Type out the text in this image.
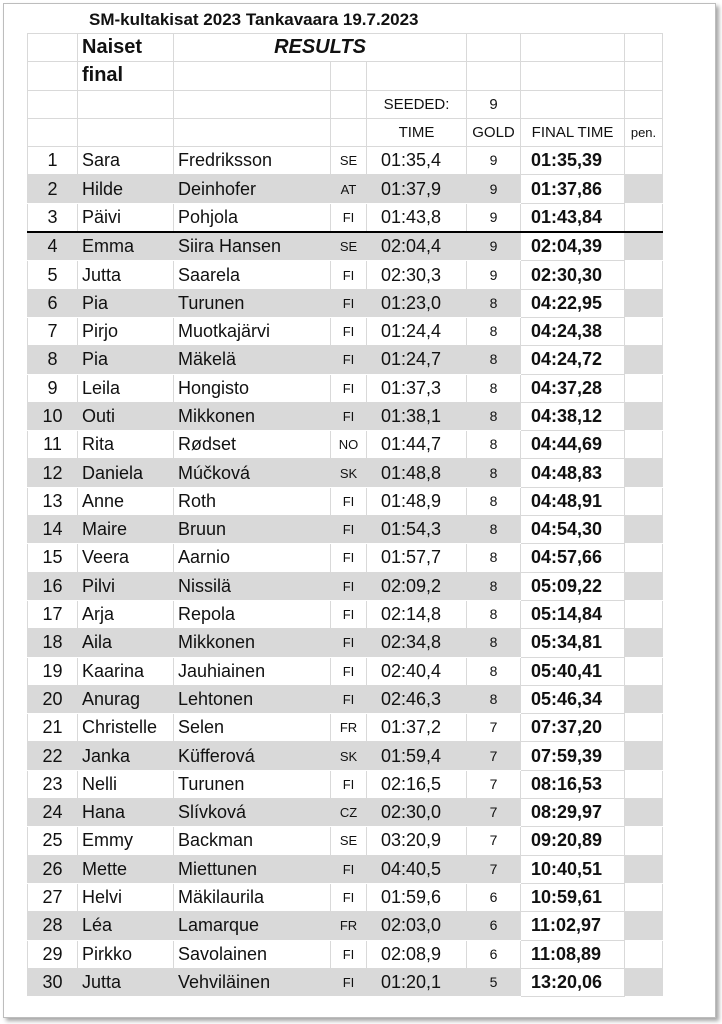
SM-kultakisat 2023 Tankavaara 19.7.2023
	Naiset	RESULTS					
	final						
				SEEDED:	9		
				TIME	GOLD	FINAL TIME	pen.
1	Sara	Fredriksson	SE	01:35,4	9	01:35,39	
2	Hilde	Deinhofer	AT	01:37,9	9	01:37,86	
3	Päivi	Pohjola	FI	01:43,8	9	01:43,84	
4	Emma	Siira Hansen	SE	02:04,4	9	02:04,39	
5	Jutta	Saarela	FI	02:30,3	9	02:30,30	
6	Pia	Turunen	FI	01:23,0	8	04:22,95	
7	Pirjo	Muotkajärvi	FI	01:24,4	8	04:24,38	
8	Pia	Mäkelä	FI	01:24,7	8	04:24,72	
9	Leila	Hongisto	FI	01:37,3	8	04:37,28	
10	Outi	Mikkonen	FI	01:38,1	8	04:38,12	
11	Rita	Rødset	NO	01:44,7	8	04:44,69	
12	Daniela	Múčková	SK	01:48,8	8	04:48,83	
13	Anne	Roth	FI	01:48,9	8	04:48,91	
14	Maire	Bruun	FI	01:54,3	8	04:54,30	
15	Veera	Aarnio	FI	01:57,7	8	04:57,66	
16	Pilvi	Nissilä	FI	02:09,2	8	05:09,22	
17	Arja	Repola	FI	02:14,8	8	05:14,84	
18	Aila	Mikkonen	FI	02:34,8	8	05:34,81	
19	Kaarina	Jauhiainen	FI	02:40,4	8	05:40,41	
20	Anurag	Lehtonen	FI	02:46,3	8	05:46,34	
21	Christelle	Selen	FR	01:37,2	7	07:37,20	
22	Janka	Küfferová	SK	01:59,4	7	07:59,39	
23	Nelli	Turunen	FI	02:16,5	7	08:16,53	
24	Hana	Slívková	CZ	02:30,0	7	08:29,97	
25	Emmy	Backman	SE	03:20,9	7	09:20,89	
26	Mette	Miettunen	FI	04:40,5	7	10:40,51	
27	Helvi	Mäkilaurila	FI	01:59,6	6	10:59,61	
28	Léa	Lamarque	FR	02:03,0	6	11:02,97	
29	Pirkko	Savolainen	FI	02:08,9	6	11:08,89	
30	Jutta	Vehviläinen	FI	01:20,1	5	13:20,06	
